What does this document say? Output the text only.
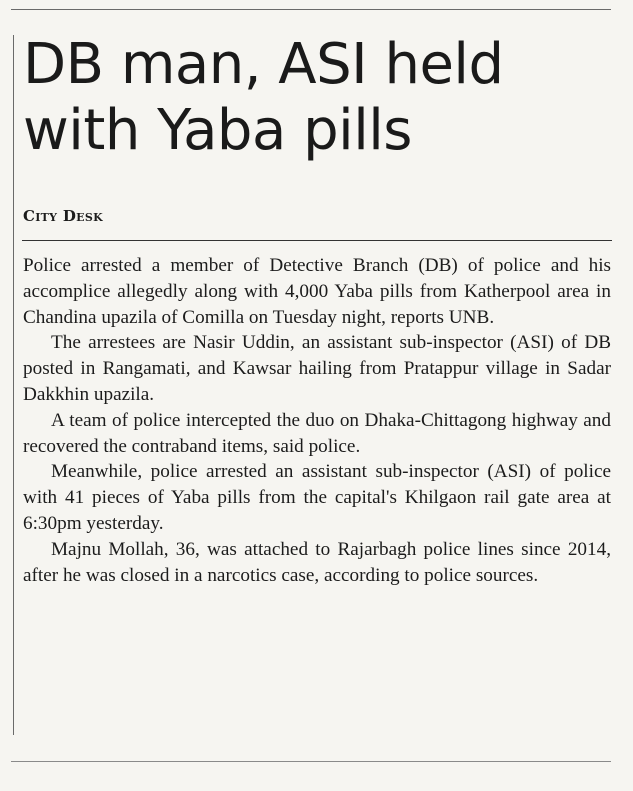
DB man, ASI held
with Yaba pills
City Desk

Police arrested a member of Detective Branch (DB) of police and his accomplice allegedly along with 4,000 Yaba pills from Katherpool area in Chandina upazila of Comilla on Tuesday night, reports UNB.

The arrestees are Nasir Uddin, an assistant sub-inspector (ASI) of DB posted in Rangamati, and Kawsar hailing from Pratappur village in Sadar Dakkhin upazila.

A team of police intercepted the duo on Dhaka-Chittagong highway and recovered the contraband items, said police.

Meanwhile, police arrested an assistant sub-inspector (ASI) of police with 41 pieces of Yaba pills from the capital's Khilgaon rail gate area at 6:30pm yesterday.

Majnu Mollah, 36, was attached to Rajarbagh police lines since 2014, after he was closed in a narcotics case, according to police sources.
